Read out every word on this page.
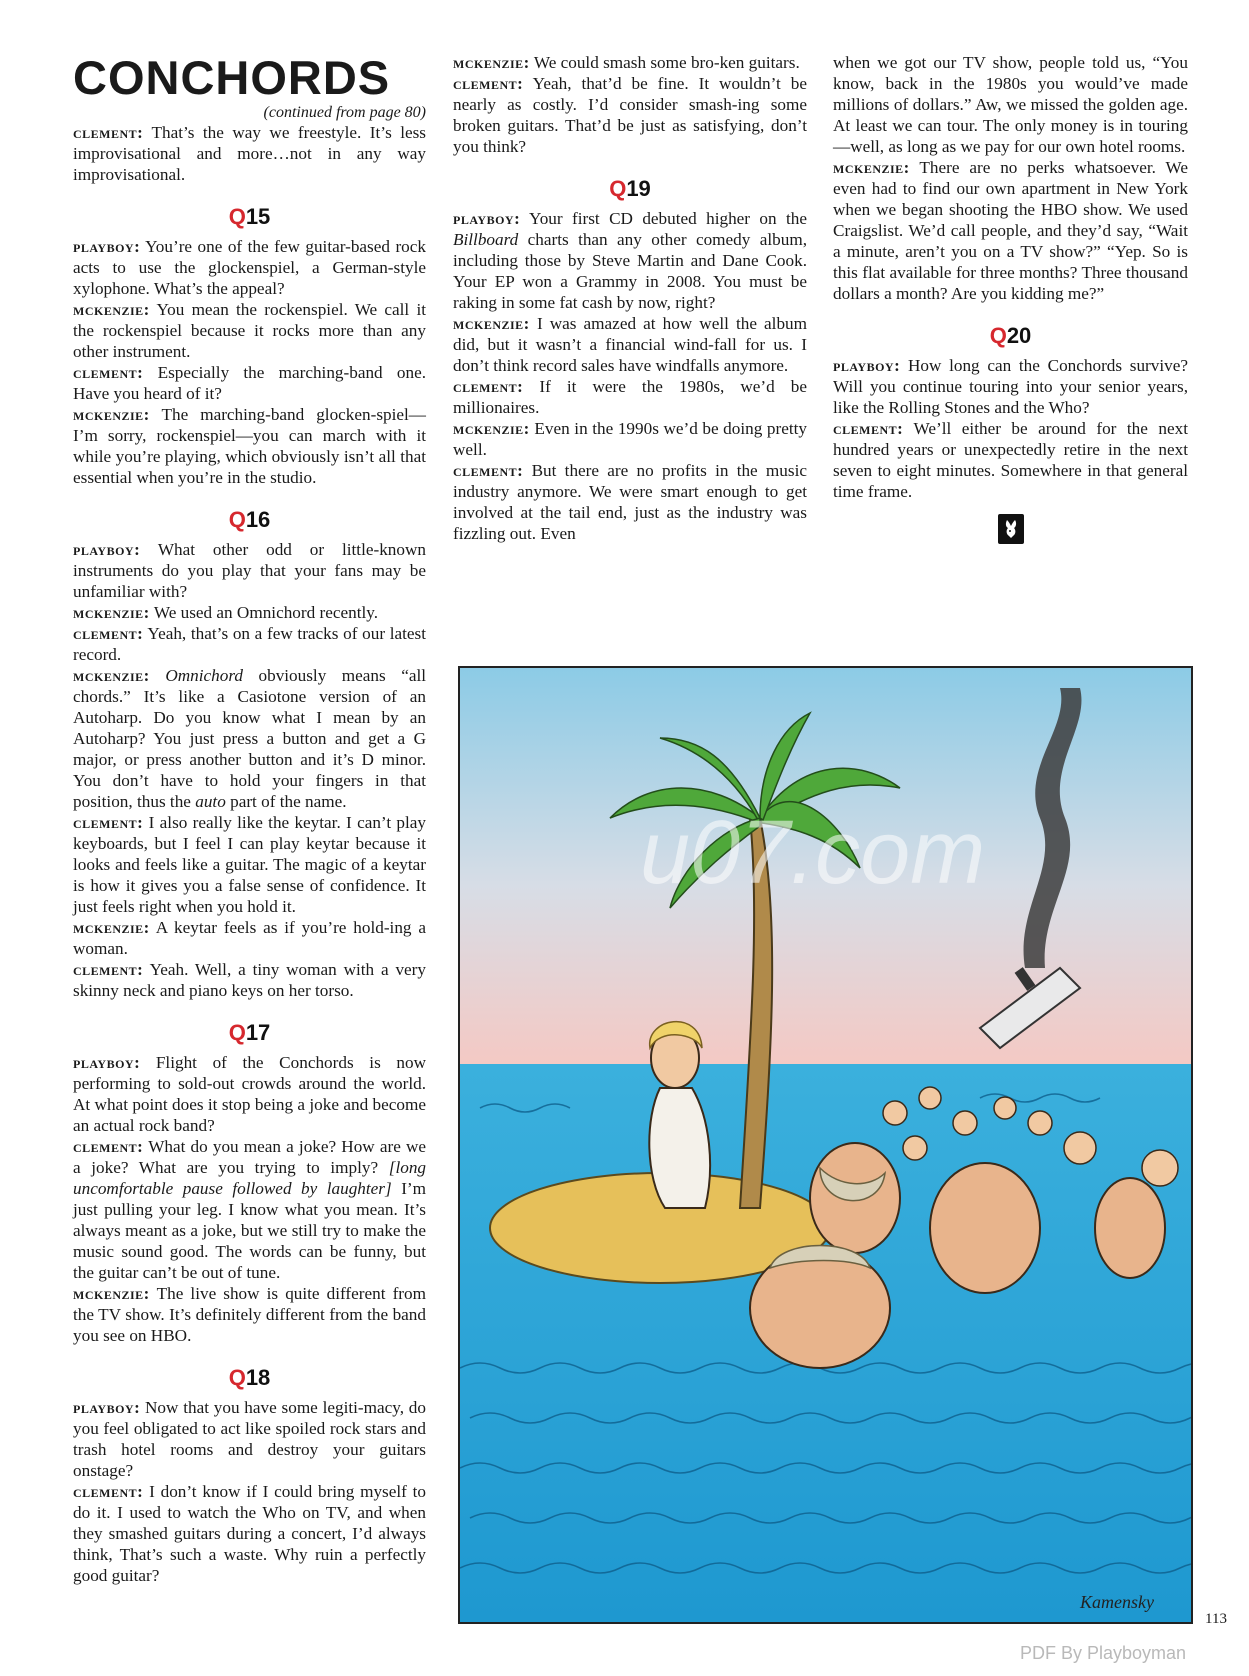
CONCHORDS
(continued from page 80)

clement: That’s the way we freestyle. It’s less improvisational and more…not in any way improvisational.

Q15

playboy: You’re one of the few guitar-based rock acts to use the glockenspiel, a German-style xylophone. What’s the appeal?

mckenzie: You mean the rockenspiel. We call it the rockenspiel because it rocks more than any other instrument.

clement: Especially the marching-band one. Have you heard of it?

mckenzie: The marching-band glocken-spiel—I’m sorry, rockenspiel—you can march with it while you’re playing, which obviously isn’t all that essential when you’re in the studio.

Q16

playboy: What other odd or little-known instruments do you play that your fans may be unfamiliar with?

mckenzie: We used an Omnichord recently.

clement: Yeah, that’s on a few tracks of our latest record.

mckenzie: Omnichord obviously means “all chords.” It’s like a Casiotone version of an Autoharp. Do you know what I mean by an Autoharp? You just press a button and get a G major, or press another button and it’s D minor. You don’t have to hold your fingers in that position, thus the auto part of the name.

clement: I also really like the keytar. I can’t play keyboards, but I feel I can play keytar because it looks and feels like a guitar. The magic of a keytar is how it gives you a false sense of confidence. It just feels right when you hold it.

mckenzie: A keytar feels as if you’re hold-ing a woman.

clement: Yeah. Well, a tiny woman with a very skinny neck and piano keys on her torso.

Q17

playboy: Flight of the Conchords is now performing to sold-out crowds around the world. At what point does it stop being a joke and become an actual rock band?

clement: What do you mean a joke? How are we a joke? What are you trying to imply? [long uncomfortable pause followed by laughter] I’m just pulling your leg. I know what you mean. It’s always meant as a joke, but we still try to make the music sound good. The words can be funny, but the guitar can’t be out of tune.

mckenzie: The live show is quite different from the TV show. It’s definitely different from the band you see on HBO.

Q18

playboy: Now that you have some legiti-macy, do you feel obligated to act like spoiled rock stars and trash hotel rooms and destroy your guitars onstage?

clement: I don’t know if I could bring myself to do it. I used to watch the Who on TV, and when they smashed guitars during a concert, I’d always think, That’s such a waste. Why ruin a perfectly good guitar?

mckenzie: We could smash some bro-ken guitars.

clement: Yeah, that’d be fine. It wouldn’t be nearly as costly. I’d consider smash-ing some broken guitars. That’d be just as satisfying, don’t you think?

Q19

playboy: Your first CD debuted higher on the Billboard charts than any other comedy album, including those by Steve Martin and Dane Cook. Your EP won a Grammy in 2008. You must be raking in some fat cash by now, right?

mckenzie: I was amazed at how well the album did, but it wasn’t a financial wind-fall for us. I don’t think record sales have windfalls anymore.

clement: If it were the 1980s, we’d be millionaires.

mckenzie: Even in the 1990s we’d be doing pretty well.

clement: But there are no profits in the music industry anymore. We were smart enough to get involved at the tail end, just as the industry was fizzling out. Even

when we got our TV show, people told us, “You know, back in the 1980s you would’ve made millions of dollars.” Aw, we missed the golden age. At least we can tour. The only money is in touring—well, as long as we pay for our own hotel rooms.

mckenzie: There are no perks whatsoever. We even had to find our own apartment in New York when we began shooting the HBO show. We used Craigslist. We’d call people, and they’d say, “Wait a minute, aren’t you on a TV show?” “Yep. So is this flat available for three months? Three thousand dollars a month? Are you kidding me?”

Q20

playboy: How long can the Conchords survive? Will you continue touring into your senior years, like the Rolling Stones and the Who?

clement: We’ll either be around for the next hundred years or unexpectedly retire in the next seven to eight minutes. Somewhere in that general time frame.

u07.com
Kamensky
113
PDF By Playboyman
